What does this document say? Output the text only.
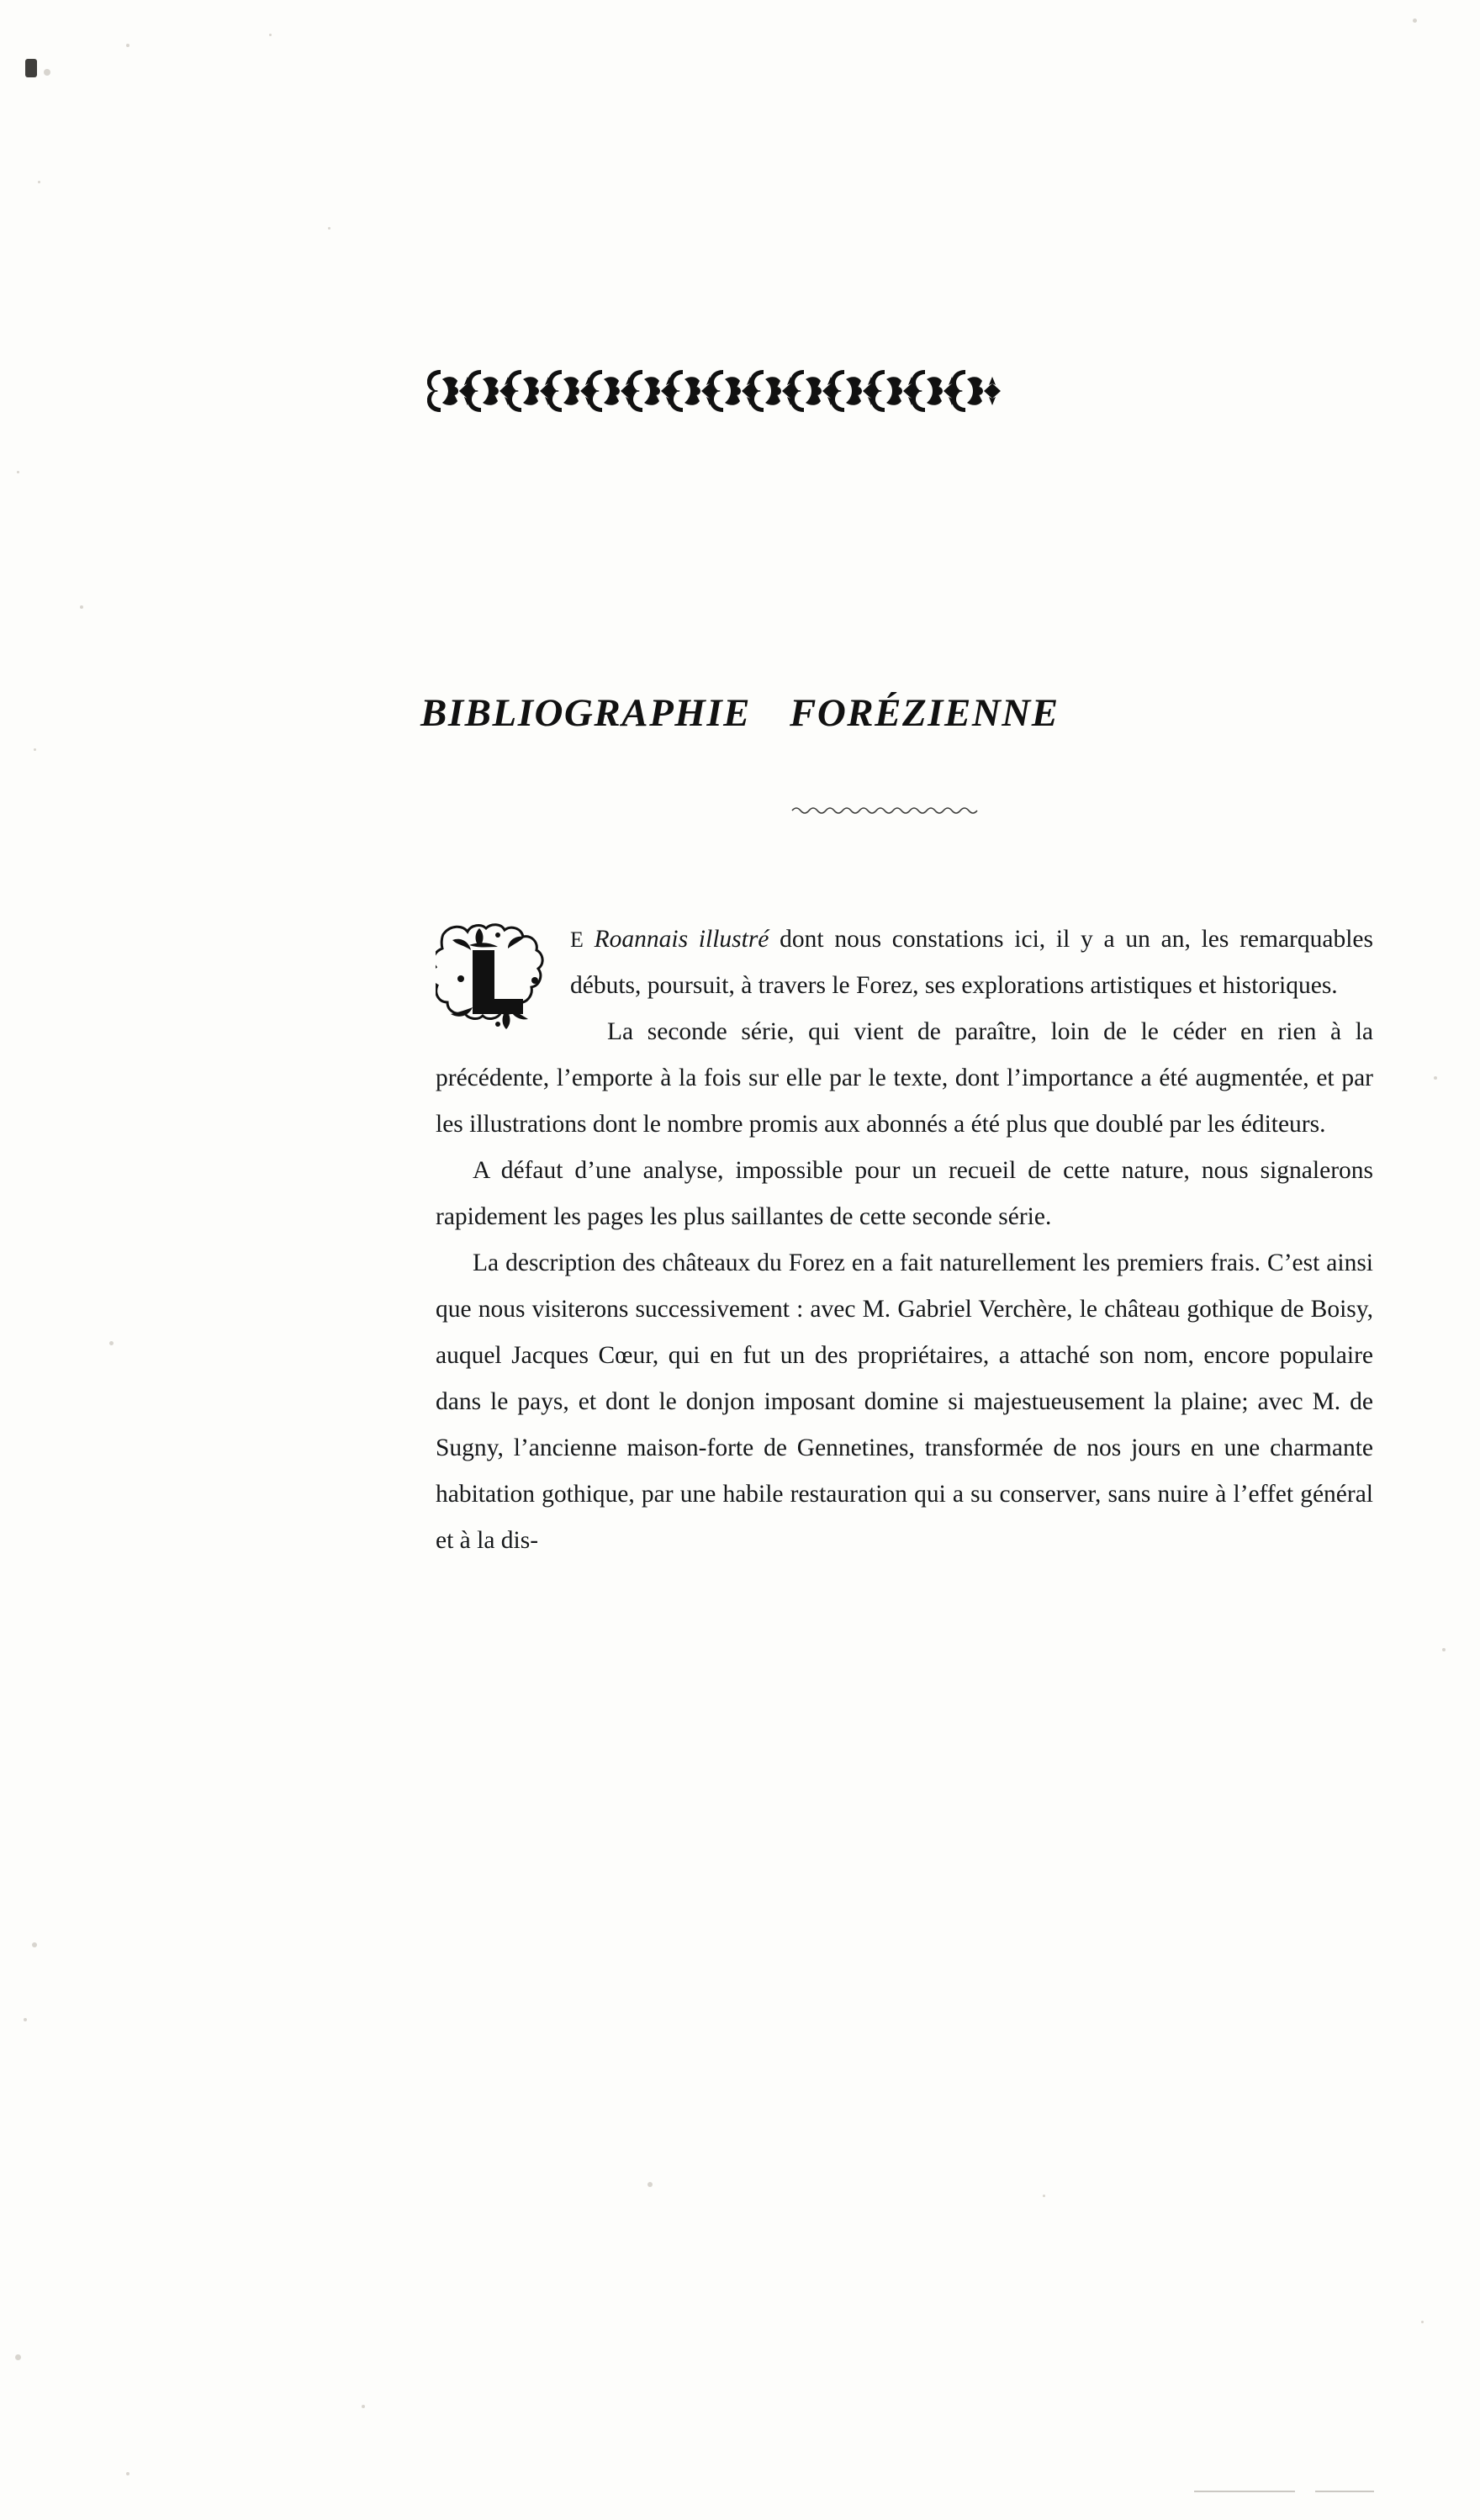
BIBLIOGRAPHIE FORÉZIENNE

E Roannais illustré dont nous constations ici, il y a un an, les remarquables débuts, poursuit, à travers le Forez, ses explorations artistiques et historiques.

La seconde série, qui vient de paraître, loin de le céder en rien à la précédente, l’emporte à la fois sur elle par le texte, dont l’importance a été augmentée, et par les illustrations dont le nombre promis aux abonnés a été plus que doublé par les éditeurs.

A défaut d’une analyse, impossible pour un recueil de cette nature, nous signalerons rapidement les pages les plus saillantes de cette seconde série.

La description des châteaux du Forez en a fait naturellement les premiers frais. C’est ainsi que nous visiterons successivement : avec M. Gabriel Verchère, le château gothique de Boisy, auquel Jacques Cœur, qui en fut un des propriétaires, a attaché son nom, encore populaire dans le pays, et dont le donjon imposant domine si majestueusement la plaine; avec M. de Sugny, l’ancienne maison-forte de Gennetines, transformée de nos jours en une charmante habitation gothique, par une habile restauration qui a su conserver, sans nuire à l’effet général et à la dis-
